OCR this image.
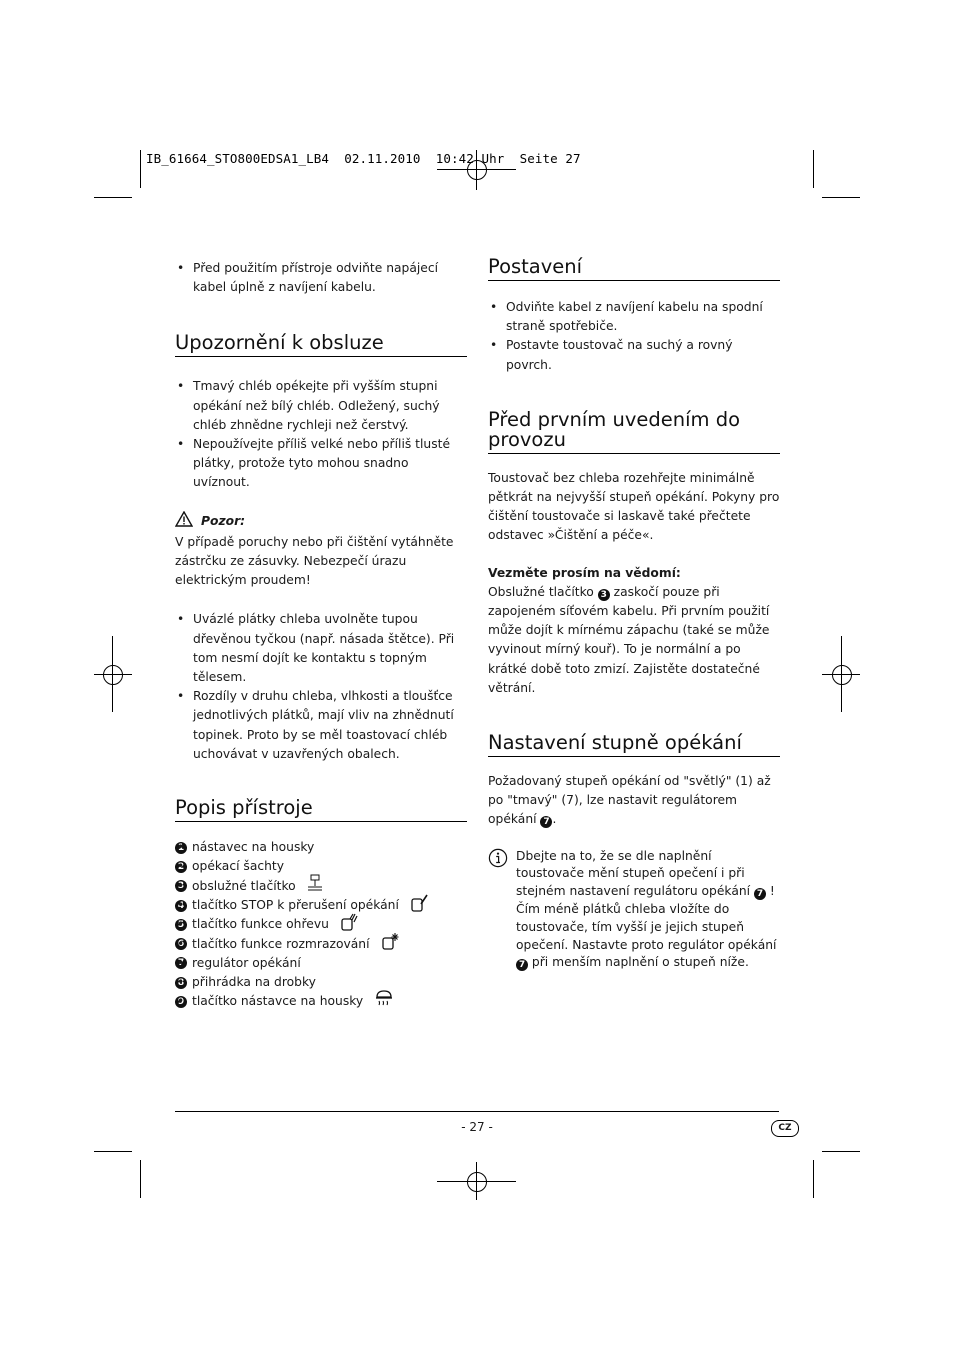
IB_61664_STO800EDSA1_LB4  02.11.2010  10:42 Uhr  Seite 27
• Před použitím přístroje odviňte napájecí kabel úplně z navíjení kabelu.
Upozornění k obsluze
• Tmavý chléb opékejte při vyšším stupni opékání než bílý chléb. Odležený, suchý chléb zhnědne rychleji než čerstvý.
• Nepoužívejte příliš velké nebo příliš tlusté plátky, protože tyto mohou snadno uvíznout.
Pozor:

V případě poruchy nebo při čištění vytáhněte zástrčku ze zásuvky. Nebezpečí úrazu elektrickým proudem!

• Uvázlé plátky chleba uvolněte tupou dřevěnou tyčkou (např. násada štětce). Při tom nesmí dojít ke kontaktu s topným tělesem.
• Rozdíly v druhu chleba, vlhkosti a tloušťce jednotlivých plátků, mají vliv na zhnědnutí topinek. Proto by se měl toastovací chléb uchovávat v uzavřených obalech.
Popis přístroje
• 1 nástavec na housky
• 2 opékací šachty
• 3 obslužné tlačítko
• 4 tlačítko STOP k přerušení opékání
• 5 tlačítko funkce ohřevu
• 6 tlačítko funkce rozmrazování
• 7 regulátor opékání
• 8 přihrádka na drobky
• 9 tlačítko nástavce na housky
Postavení
• Odviňte kabel z navíjení kabelu na spodní straně spotřebiče.
• Postavte toustovač na suchý a rovný povrch.
Před prvním uvedením do provozu

Toustovač bez chleba rozehřejte minimálně pětkrát na nejvyšší stupeň opékání. Pokyny pro čištění toustovače si laskavě také přečtete odstavec »Čištění a péče«.

Vezměte prosím na vědomí:

Obslužné tlačítko 3 zaskočí pouze při zapojeném síťovém kabelu. Při prvním použití může dojít k mírnému zápachu (také se může vyvinout mírný kouř). To je normální a po krátké době toto zmizí. Zajistěte dostatečné větrání.

Nastavení stupně opékání

Požadovaný stupeň opékání od "světlý" (1) až po "tmavý" (7), lze nastavit regulátorem opékání 7 .

Dbejte na to, že se dle naplnění toustovače mění stupeň opečení i při stejném nastavení regulátoru opékání 7 ! Čím méně plátků chleba vložíte do toustovače, tím vyšší je jejich stupeň opečení. Nastavte proto regulátor opékání 7 při menším naplnění o stupeň níže.

- 27 -	CZ
